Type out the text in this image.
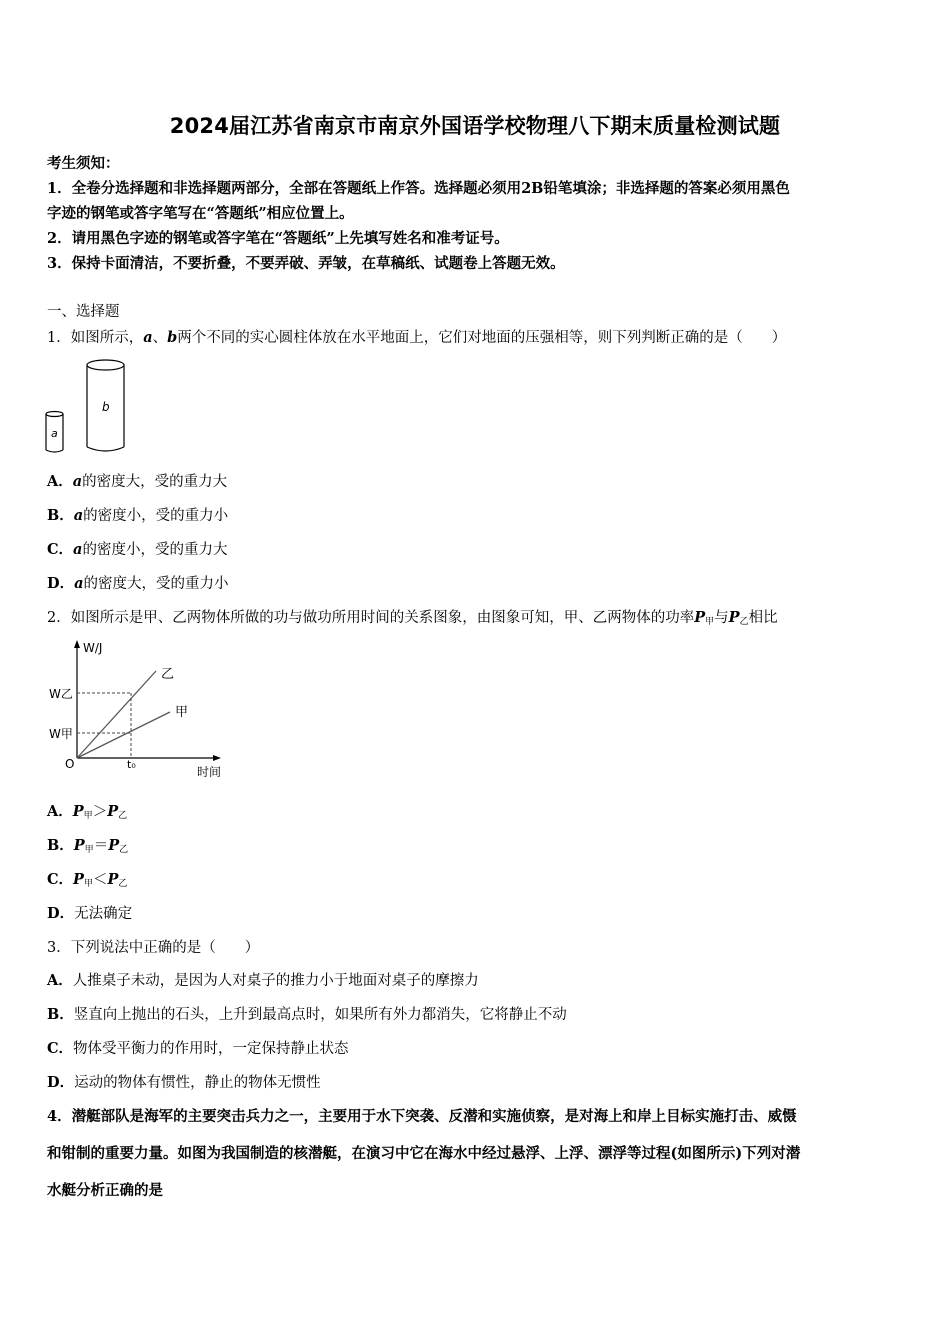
2024届江苏省南京市南京外国语学校物理八下期末质量检测试题
考生须知：
1．全卷分选择题和非选择题两部分，全部在答题纸上作答。选择题必须用2B铅笔填涂；非选择题的答案必须用黑色
字迹的钢笔或答字笔写在“答题纸”相应位置上。
2．请用黑色字迹的钢笔或答字笔在“答题纸”上先填写姓名和准考证号。
3．保持卡面清洁，不要折叠，不要弄破、弄皱，在草稿纸、试题卷上答题无效。
一、选择题
1．如图所示，a、b两个不同的实心圆柱体放在水平地面上，它们对地面的压强相等，则下列判断正确的是（　　）
a
b
A．a的密度大，受的重力大
B．a的密度小，受的重力小
C．a的密度小，受的重力大
D．a的密度大，受的重力小
2．如图所示是甲、乙两物体所做的功与做功所用时间的关系图象，由图象可知，甲、乙两物体的功率$P_甲$与$P_乙$相比
W/J
时间
O	t₀
W乙
W甲
乙
甲
A．$P_甲>P_乙$
B．$P_甲=P_乙$
C．$P_甲<P_乙$
D．无法确定
3．下列说法中正确的是（　　）
A．人推桌子未动，是因为人对桌子的推力小于地面对桌子的摩擦力
B．竖直向上抛出的石头，上升到最高点时，如果所有外力都消失，它将静止不动
C．物体受平衡力的作用时，一定保持静止状态
D．运动的物体有惯性，静止的物体无惯性
4．潜艇部队是海军的主要突击兵力之一，主要用于水下突袭、反潜和实施侦察，是对海上和岸上目标实施打击、威慑
和钳制的重要力量。如图为我国制造的核潜艇，在演习中它在海水中经过悬浮、上浮、漂浮等过程(如图所示)下列对潜
水艇分析正确的是
